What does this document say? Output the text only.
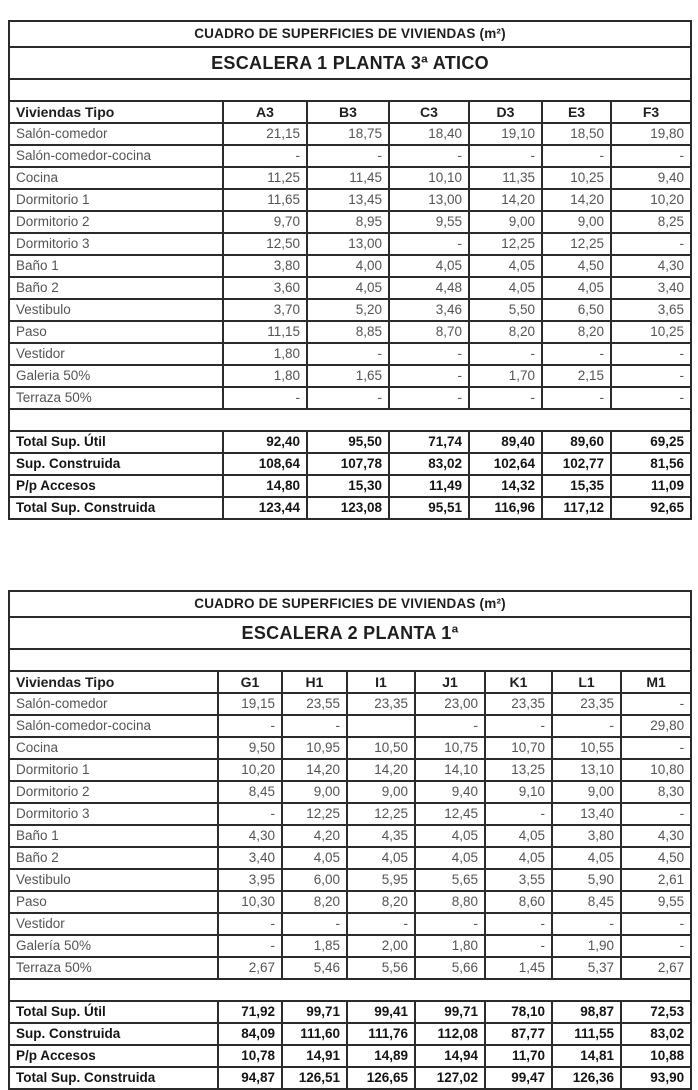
CUADRO DE SUPERFICIES DE VIVIENDAS (m²)						
ESCALERA 1 PLANTA 3ª ATICO						

Viviendas Tipo	A3	B3	C3	D3	E3	F3
Salón-comedor	21,15	18,75	18,40	19,10	18,50	19,80
Salón-comedor-cocina	-	-	-	-	-	-
Cocina	11,25	11,45	10,10	11,35	10,25	9,40
Dormitorio 1	11,65	13,45	13,00	14,20	14,20	10,20
Dormitorio 2	9,70	8,95	9,55	9,00	9,00	8,25
Dormitorio 3	12,50	13,00	-	12,25	12,25	-
Baño 1	3,80	4,00	4,05	4,05	4,50	4,30
Baño 2	3,60	4,05	4,48	4,05	4,05	3,40
Vestibulo	3,70	5,20	3,46	5,50	6,50	3,65
Paso	11,15	8,85	8,70	8,20	8,20	10,25
Vestidor	1,80	-	-	-	-	-
Galeria 50%	1,80	1,65	-	1,70	2,15	-
Terraza 50%	-	-	-	-	-	-

Total Sup. Útil	92,40	95,50	71,74	89,40	89,60	69,25
Sup. Construida	108,64	107,78	83,02	102,64	102,77	81,56
P/p Accesos	14,80	15,30	11,49	14,32	15,35	11,09
Total Sup. Construida	123,44	123,08	95,51	116,96	117,12	92,65
CUADRO DE SUPERFICIES DE VIVIENDAS (m²)							
ESCALERA 2 PLANTA 1ª							

Viviendas Tipo	G1	H1	I1	J1	K1	L1	M1
Salón-comedor	19,15	23,55	23,35	23,00	23,35	23,35	-
Salón-comedor-cocina	-	-		-	-	-	29,80
Cocina	9,50	10,95	10,50	10,75	10,70	10,55	-
Dormitorio 1	10,20	14,20	14,20	14,10	13,25	13,10	10,80
Dormitorio 2	8,45	9,00	9,00	9,40	9,10	9,00	8,30
Dormitorio 3	-	12,25	12,25	12,45	-	13,40	-
Baño 1	4,30	4,20	4,35	4,05	4,05	3,80	4,30
Baño 2	3,40	4,05	4,05	4,05	4,05	4,05	4,50
Vestibulo	3,95	6,00	5,95	5,65	3,55	5,90	2,61
Paso	10,30	8,20	8,20	8,80	8,60	8,45	9,55
Vestidor	-	-	-	-	-	-	-
Galería 50%	-	1,85	2,00	1,80	-	1,90	-
Terraza 50%	2,67	5,46	5,56	5,66	1,45	5,37	2,67

Total Sup. Útil	71,92	99,71	99,41	99,71	78,10	98,87	72,53
Sup. Construida	84,09	111,60	111,76	112,08	87,77	111,55	83,02
P/p Accesos	10,78	14,91	14,89	14,94	11,70	14,81	10,88
Total Sup. Construida	94,87	126,51	126,65	127,02	99,47	126,36	93,90
